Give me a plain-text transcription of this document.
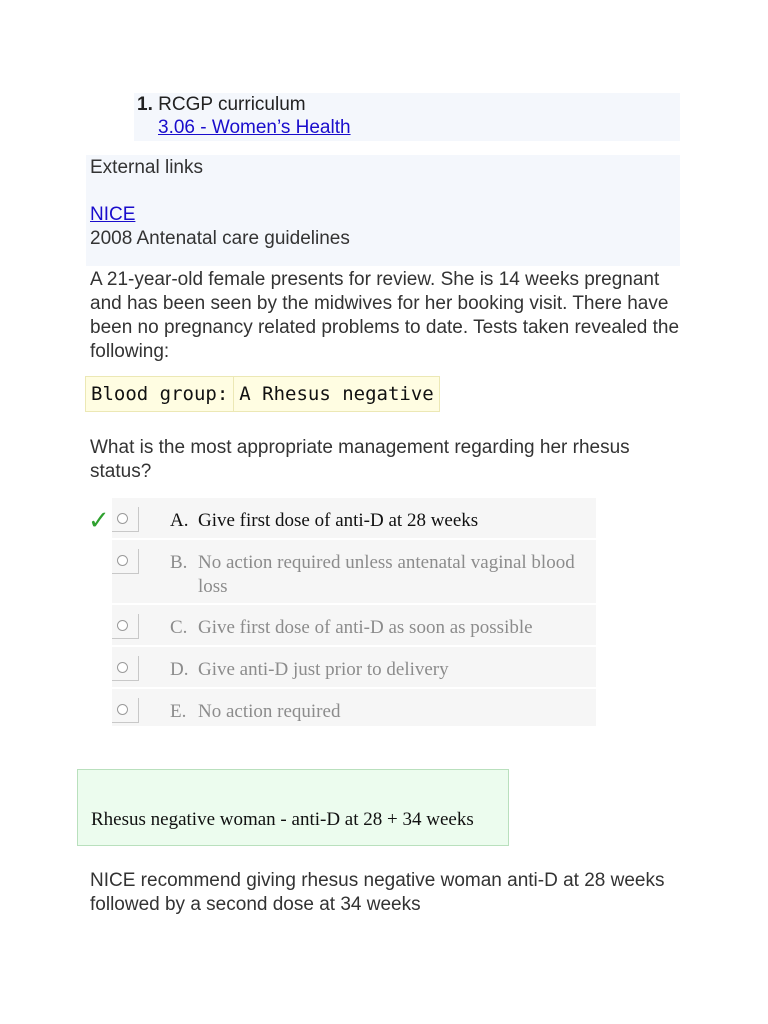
1. RCGP curriculum
3.06 - Women’s Health
External links
NICE
2008 Antenatal care guidelines
A 21-year-old female presents for review. She is 14 weeks pregnant and has been seen by the midwives for her booking visit. There have been no pregnancy related problems to date. Tests taken revealed the following:
Blood group: A Rhesus negative
What is the most appropriate management regarding her rhesus status?
✓	A. Give first dose of anti-D at 28 weeks
B. No action required unless antenatal vaginal blood loss
C. Give first dose of anti-D as soon as possible
D. Give anti-D just prior to delivery
E. No action required
Rhesus negative woman - anti-D at 28 + 34 weeks
NICE recommend giving rhesus negative woman anti-D at 28 weeks followed by a second dose at 34 weeks
